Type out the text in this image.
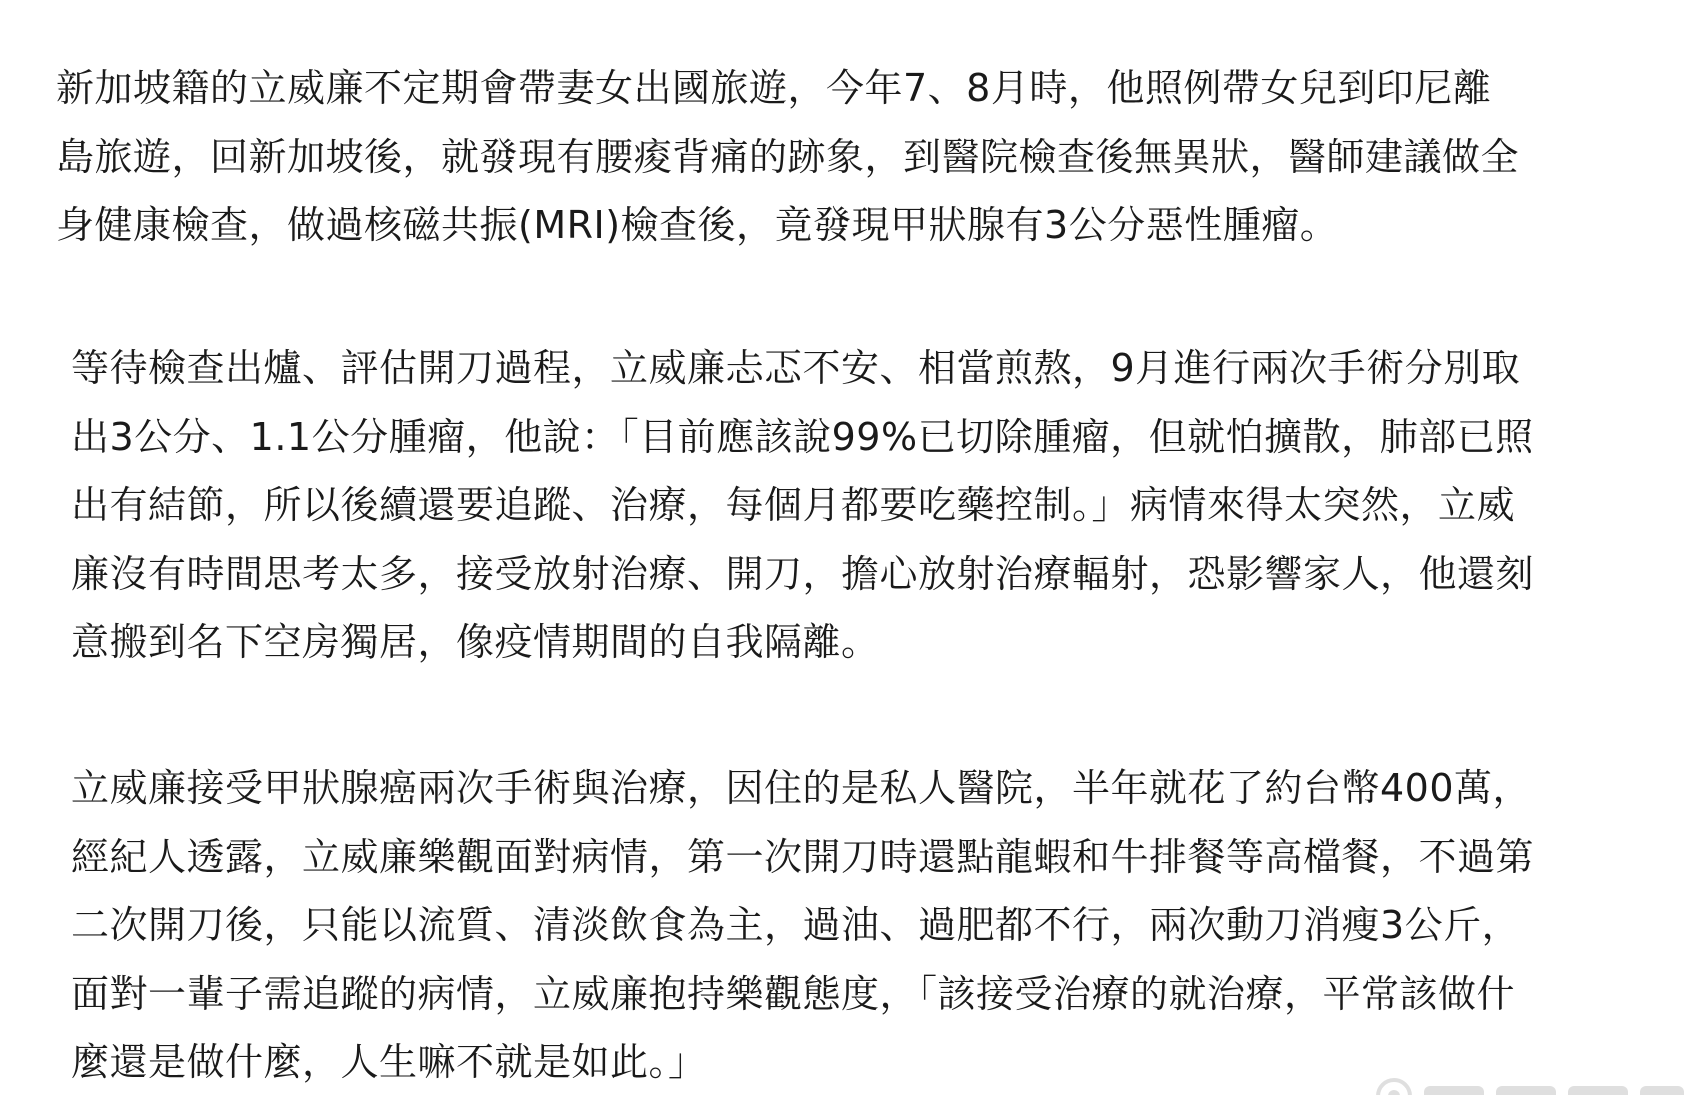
新加坡籍的立威廉不定期會帶妻女出國旅遊，今年7、8月時，他照例帶女兒到印尼離
島旅遊，回新加坡後，就發現有腰痠背痛的跡象，到醫院檢查後無異狀，醫師建議做全
身健康檢查，做過核磁共振(MRI)檢查後，竟發現甲狀腺有3公分惡性腫瘤。

等待檢查出爐、評估開刀過程，立威廉忐忑不安、相當煎熬，9月進行兩次手術分別取
出3公分、1.1公分腫瘤，他說：「目前應該說99%已切除腫瘤，但就怕擴散，肺部已照
出有結節，所以後續還要追蹤、治療，每個月都要吃藥控制。」病情來得太突然，立威
廉沒有時間思考太多，接受放射治療、開刀，擔心放射治療輻射，恐影響家人，他還刻
意搬到名下空房獨居，像疫情期間的自我隔離。

立威廉接受甲狀腺癌兩次手術與治療，因住的是私人醫院，半年就花了約台幣400萬，
經紀人透露，立威廉樂觀面對病情，第一次開刀時還點龍蝦和牛排餐等高檔餐，不過第
二次開刀後，只能以流質、清淡飲食為主，過油、過肥都不行，兩次動刀消瘦3公斤，
面對一輩子需追蹤的病情，立威廉抱持樂觀態度，「該接受治療的就治療，平常該做什
麼還是做什麼，人生嘛不就是如此。」
